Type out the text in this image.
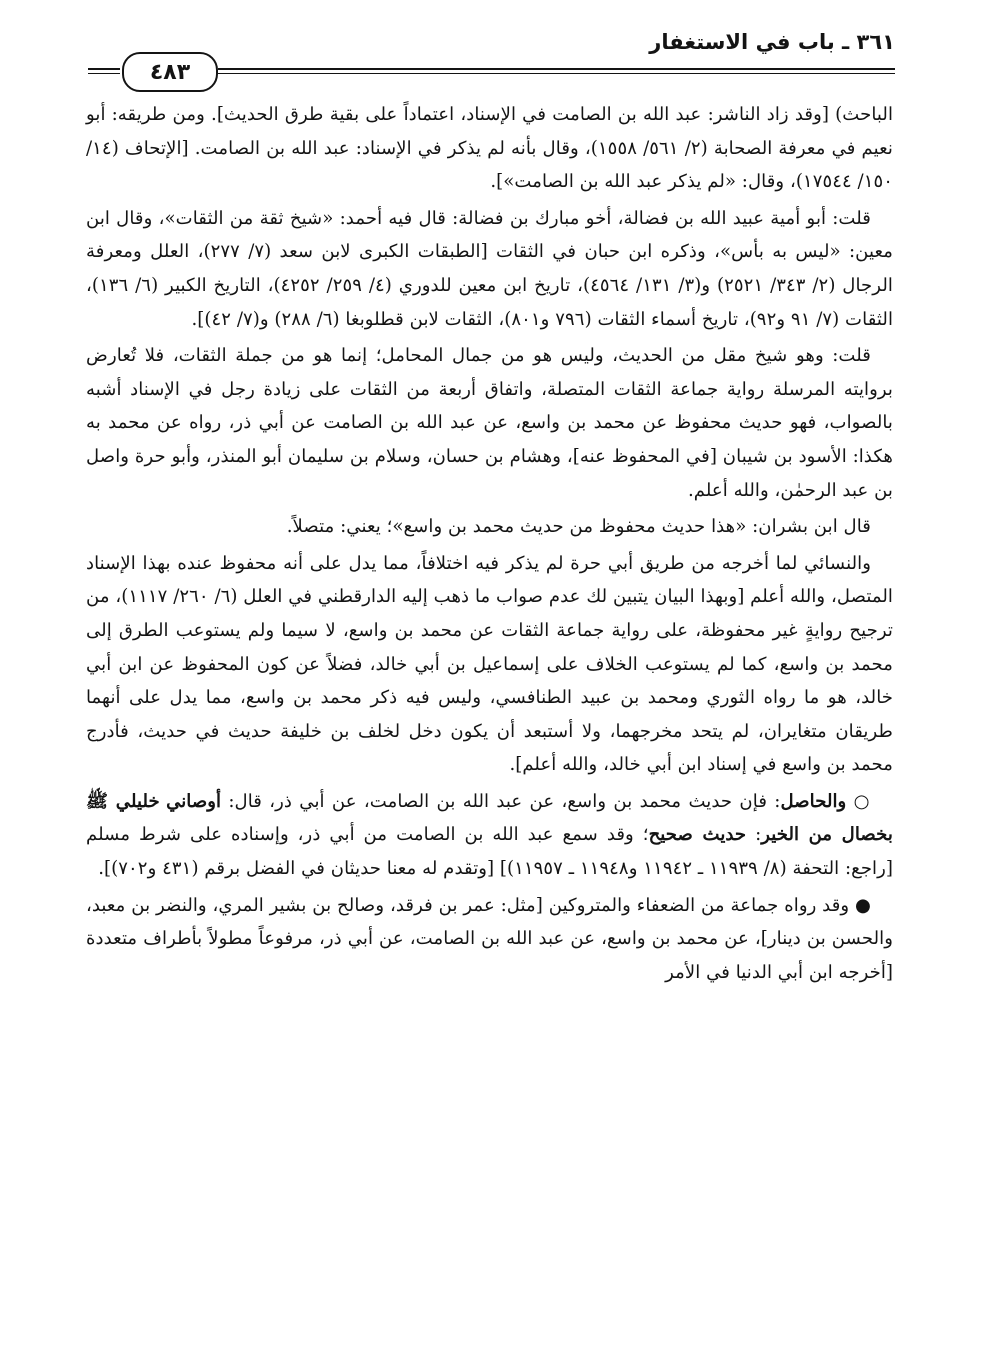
٣٦١ ـ باب في الاستغفار
٤٨٣

الباحث) [وقد زاد الناشر: عبد الله بن الصامت في الإسناد، اعتماداً على بقية طرق الحديث]. ومن طريقه: أبو نعيم في معرفة الصحابة (٢/ ٥٦١/ ١٥٥٨)، وقال بأنه لم يذكر في الإسناد: عبد الله بن الصامت. [الإتحاف (١٤/ ١٥٠/ ١٧٥٤٤)، وقال: «لم يذكر عبد الله بن الصامت»].

قلت: أبو أمية عبيد الله بن فضالة، أخو مبارك بن فضالة: قال فيه أحمد: «شيخ ثقة من الثقات»، وقال ابن معين: «ليس به بأس»، وذكره ابن حبان في الثقات [الطبقات الكبرى لابن سعد (٧/ ٢٧٧)، العلل ومعرفة الرجال (٢/ ٣٤٣/ ٢٥٢١) و(٣/ ١٣١/ ٤٥٦٤)، تاريخ ابن معين للدوري (٤/ ٢٥٩/ ٤٢٥٢)، التاريخ الكبير (٦/ ١٣٦)، الثقات (٧/ ٩١ و٩٢)، تاريخ أسماء الثقات (٧٩٦ و٨٠١)، الثقات لابن قطلوبغا (٦/ ٢٨٨) و(٧/ ٤٢)].

قلت: وهو شيخ مقل من الحديث، وليس هو من جمال المحامل؛ إنما هو من جملة الثقات، فلا تُعارض بروايته المرسلة رواية جماعة الثقات المتصلة، واتفاق أربعة من الثقات على زيادة رجل في الإسناد أشبه بالصواب، فهو حديث محفوظ عن محمد بن واسع، عن عبد الله بن الصامت عن أبي ذر، رواه عن محمد به هكذا: الأسود بن شيبان [في المحفوظ عنه]، وهشام بن حسان، وسلام بن سليمان أبو المنذر، وأبو حرة واصل بن عبد الرحمٰن، والله أعلم.

قال ابن بشران: «هذا حديث محفوظ من حديث محمد بن واسع»؛ يعني: متصلاً.

والنسائي لما أخرجه من طريق أبي حرة لم يذكر فيه اختلافاً، مما يدل على أنه محفوظ عنده بهذا الإسناد المتصل، والله أعلم [وبهذا البيان يتبين لك عدم صواب ما ذهب إليه الدارقطني في العلل (٦/ ٢٦٠/ ١١١٧)، من ترجيح روايةٍ غير محفوظة، على رواية جماعة الثقات عن محمد بن واسع، لا سيما ولم يستوعب الطرق إلى محمد بن واسع، كما لم يستوعب الخلاف على إسماعيل بن أبي خالد، فضلاً عن كون المحفوظ عن ابن أبي خالد، هو ما رواه الثوري ومحمد بن عبيد الطنافسي، وليس فيه ذكر محمد بن واسع، مما يدل على أنهما طريقان متغايران، لم يتحد مخرجهما، ولا أستبعد أن يكون دخل لخلف بن خليفة حديث في حديث، فأدرج محمد بن واسع في إسناد ابن أبي خالد، والله أعلم].

○ والحاصل: فإن حديث محمد بن واسع، عن عبد الله بن الصامت، عن أبي ذر، قال: أوصاني خليلي ﷺ بخصال من الخير: حديث صحيح؛ وقد سمع عبد الله بن الصامت من أبي ذر، وإسناده على شرط مسلم [راجع: التحفة (٨/ ١١٩٣٩ ـ ١١٩٤٢ و١١٩٤٨ ـ ١١٩٥٧)] [وتقدم له معنا حديثان في الفضل برقم (٤٣١ و٧٠٢)].

● وقد رواه جماعة من الضعفاء والمتروكين [مثل: عمر بن فرقد، وصالح بن بشير المري، والنضر بن معبد، والحسن بن دينار]، عن محمد بن واسع، عن عبد الله بن الصامت، عن أبي ذر، مرفوعاً مطولاً بأطراف متعددة [أخرجه ابن أبي الدنيا في الأمر
